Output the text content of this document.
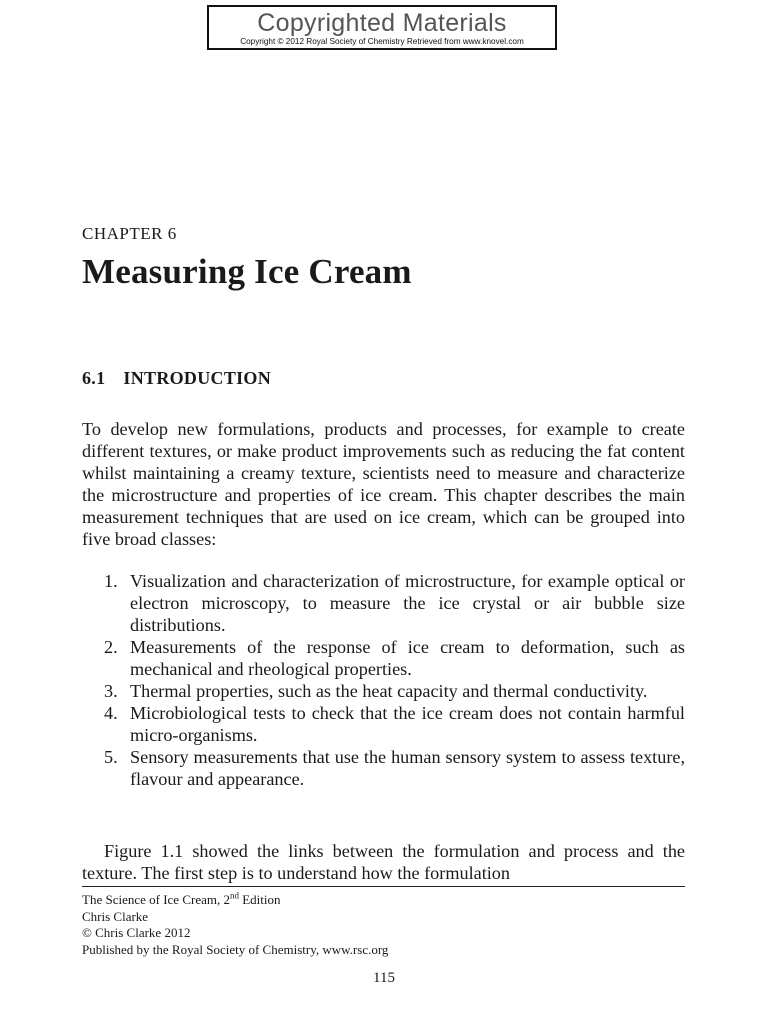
Copyrighted Materials
Copyright © 2012 Royal Society of Chemistry Retrieved from www.knovel.com
CHAPTER 6
Measuring Ice Cream
6.1 INTRODUCTION

To develop new formulations, products and processes, for example to create different textures, or make product improvements such as reducing the fat content whilst maintaining a creamy texture, scientists need to measure and characterize the microstructure and properties of ice cream. This chapter describes the main measurement techniques that are used on ice cream, which can be grouped into five broad classes:

1. Visualization and characterization of microstructure, for example optical or electron microscopy, to measure the ice crystal or air bubble size distributions.
2. Measurements of the response of ice cream to deformation, such as mechanical and rheological properties.
3. Thermal properties, such as the heat capacity and thermal conductivity.
4. Microbiological tests to check that the ice cream does not contain harmful micro-organisms.
5. Sensory measurements that use the human sensory system to assess texture, flavour and appearance.

Figure 1.1 showed the links between the formulation and process and the texture. The first step is to understand how the formulation

The Science of Ice Cream, 2nd Edition
Chris Clarke
© Chris Clarke 2012
Published by the Royal Society of Chemistry, www.rsc.org
115
